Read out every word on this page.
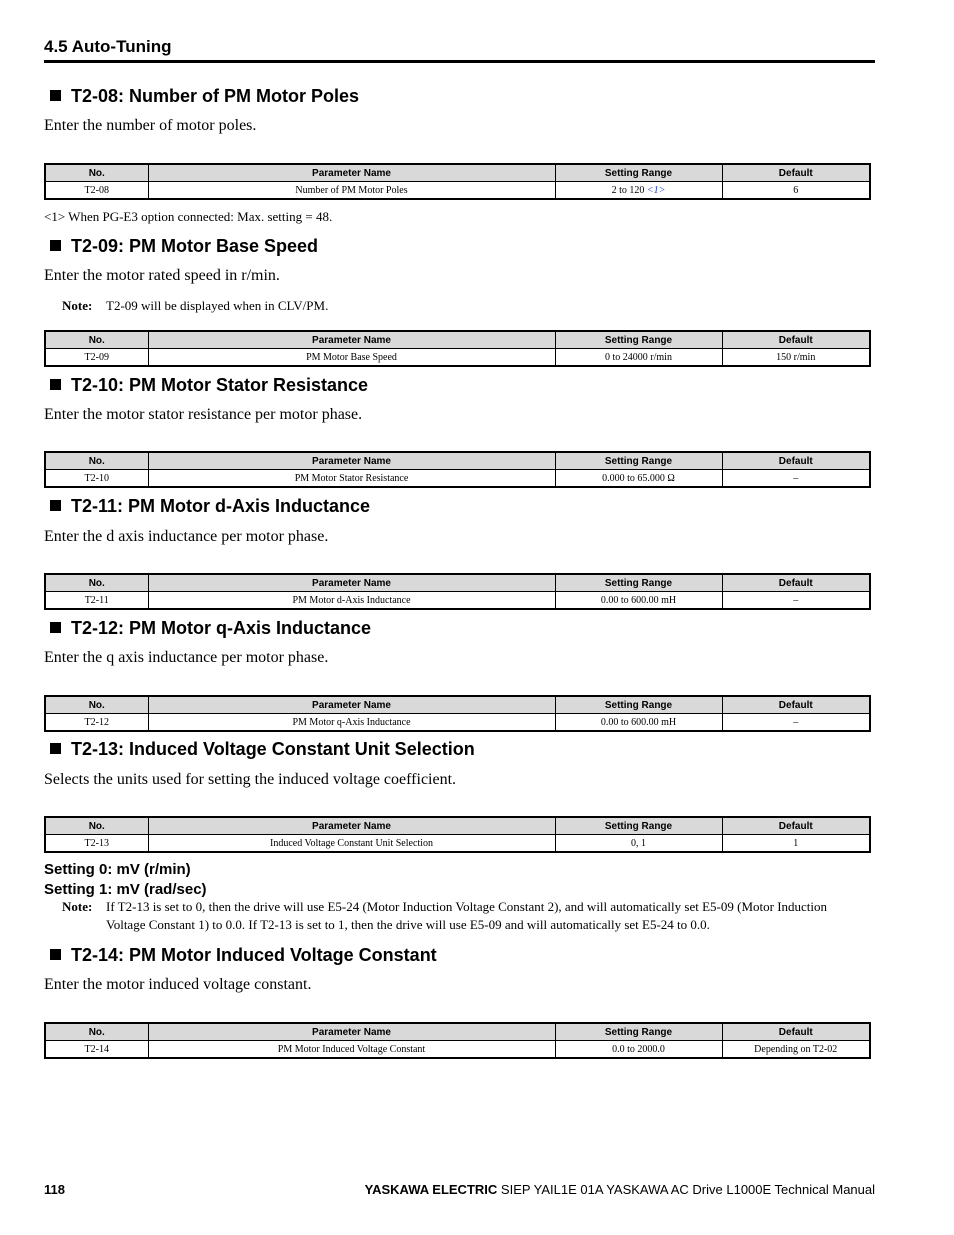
4.5 Auto-Tuning
T2-08: Number of PM Motor Poles
Enter the number of motor poles.
No.	Parameter Name	Setting Range	Default
T2-08	Number of PM Motor Poles	2 to 120 <1>	6
<1> When PG-E3 option connected: Max. setting = 48.
T2-09: PM Motor Base Speed
Enter the motor rated speed in r/min.
Note: T2-09 will be displayed when in CLV/PM.
No.	Parameter Name	Setting Range	Default
T2-09	PM Motor Base Speed	0 to 24000 r/min	150 r/min
T2-10: PM Motor Stator Resistance
Enter the motor stator resistance per motor phase.
No.	Parameter Name	Setting Range	Default
T2-10	PM Motor Stator Resistance	0.000 to 65.000 Ω	–
T2-11: PM Motor d-Axis Inductance
Enter the d axis inductance per motor phase.
No.	Parameter Name	Setting Range	Default
T2-11	PM Motor d-Axis Inductance	0.00 to 600.00 mH	–
T2-12: PM Motor q-Axis Inductance
Enter the q axis inductance per motor phase.
No.	Parameter Name	Setting Range	Default
T2-12	PM Motor q-Axis Inductance	0.00 to 600.00 mH	–
T2-13: Induced Voltage Constant Unit Selection
Selects the units used for setting the induced voltage coefficient.
No.	Parameter Name	Setting Range	Default
T2-13	Induced Voltage Constant Unit Selection	0, 1	1
Setting 0: mV (r/min)
Setting 1: mV (rad/sec)
Note: If T2-13 is set to 0, then the drive will use E5-24 (Motor Induction Voltage Constant 2), and will automatically set E5-09 (Motor Induction Voltage Constant 1) to 0.0. If T2-13 is set to 1, then the drive will use E5-09 and will automatically set E5-24 to 0.0.
T2-14: PM Motor Induced Voltage Constant
Enter the motor induced voltage constant.
No.	Parameter Name	Setting Range	Default
T2-14	PM Motor Induced Voltage Constant	0.0 to 2000.0	Depending on T2-02
118	YASKAWA ELECTRIC SIEP YAIL1E 01A YASKAWA AC Drive L1000E Technical Manual
